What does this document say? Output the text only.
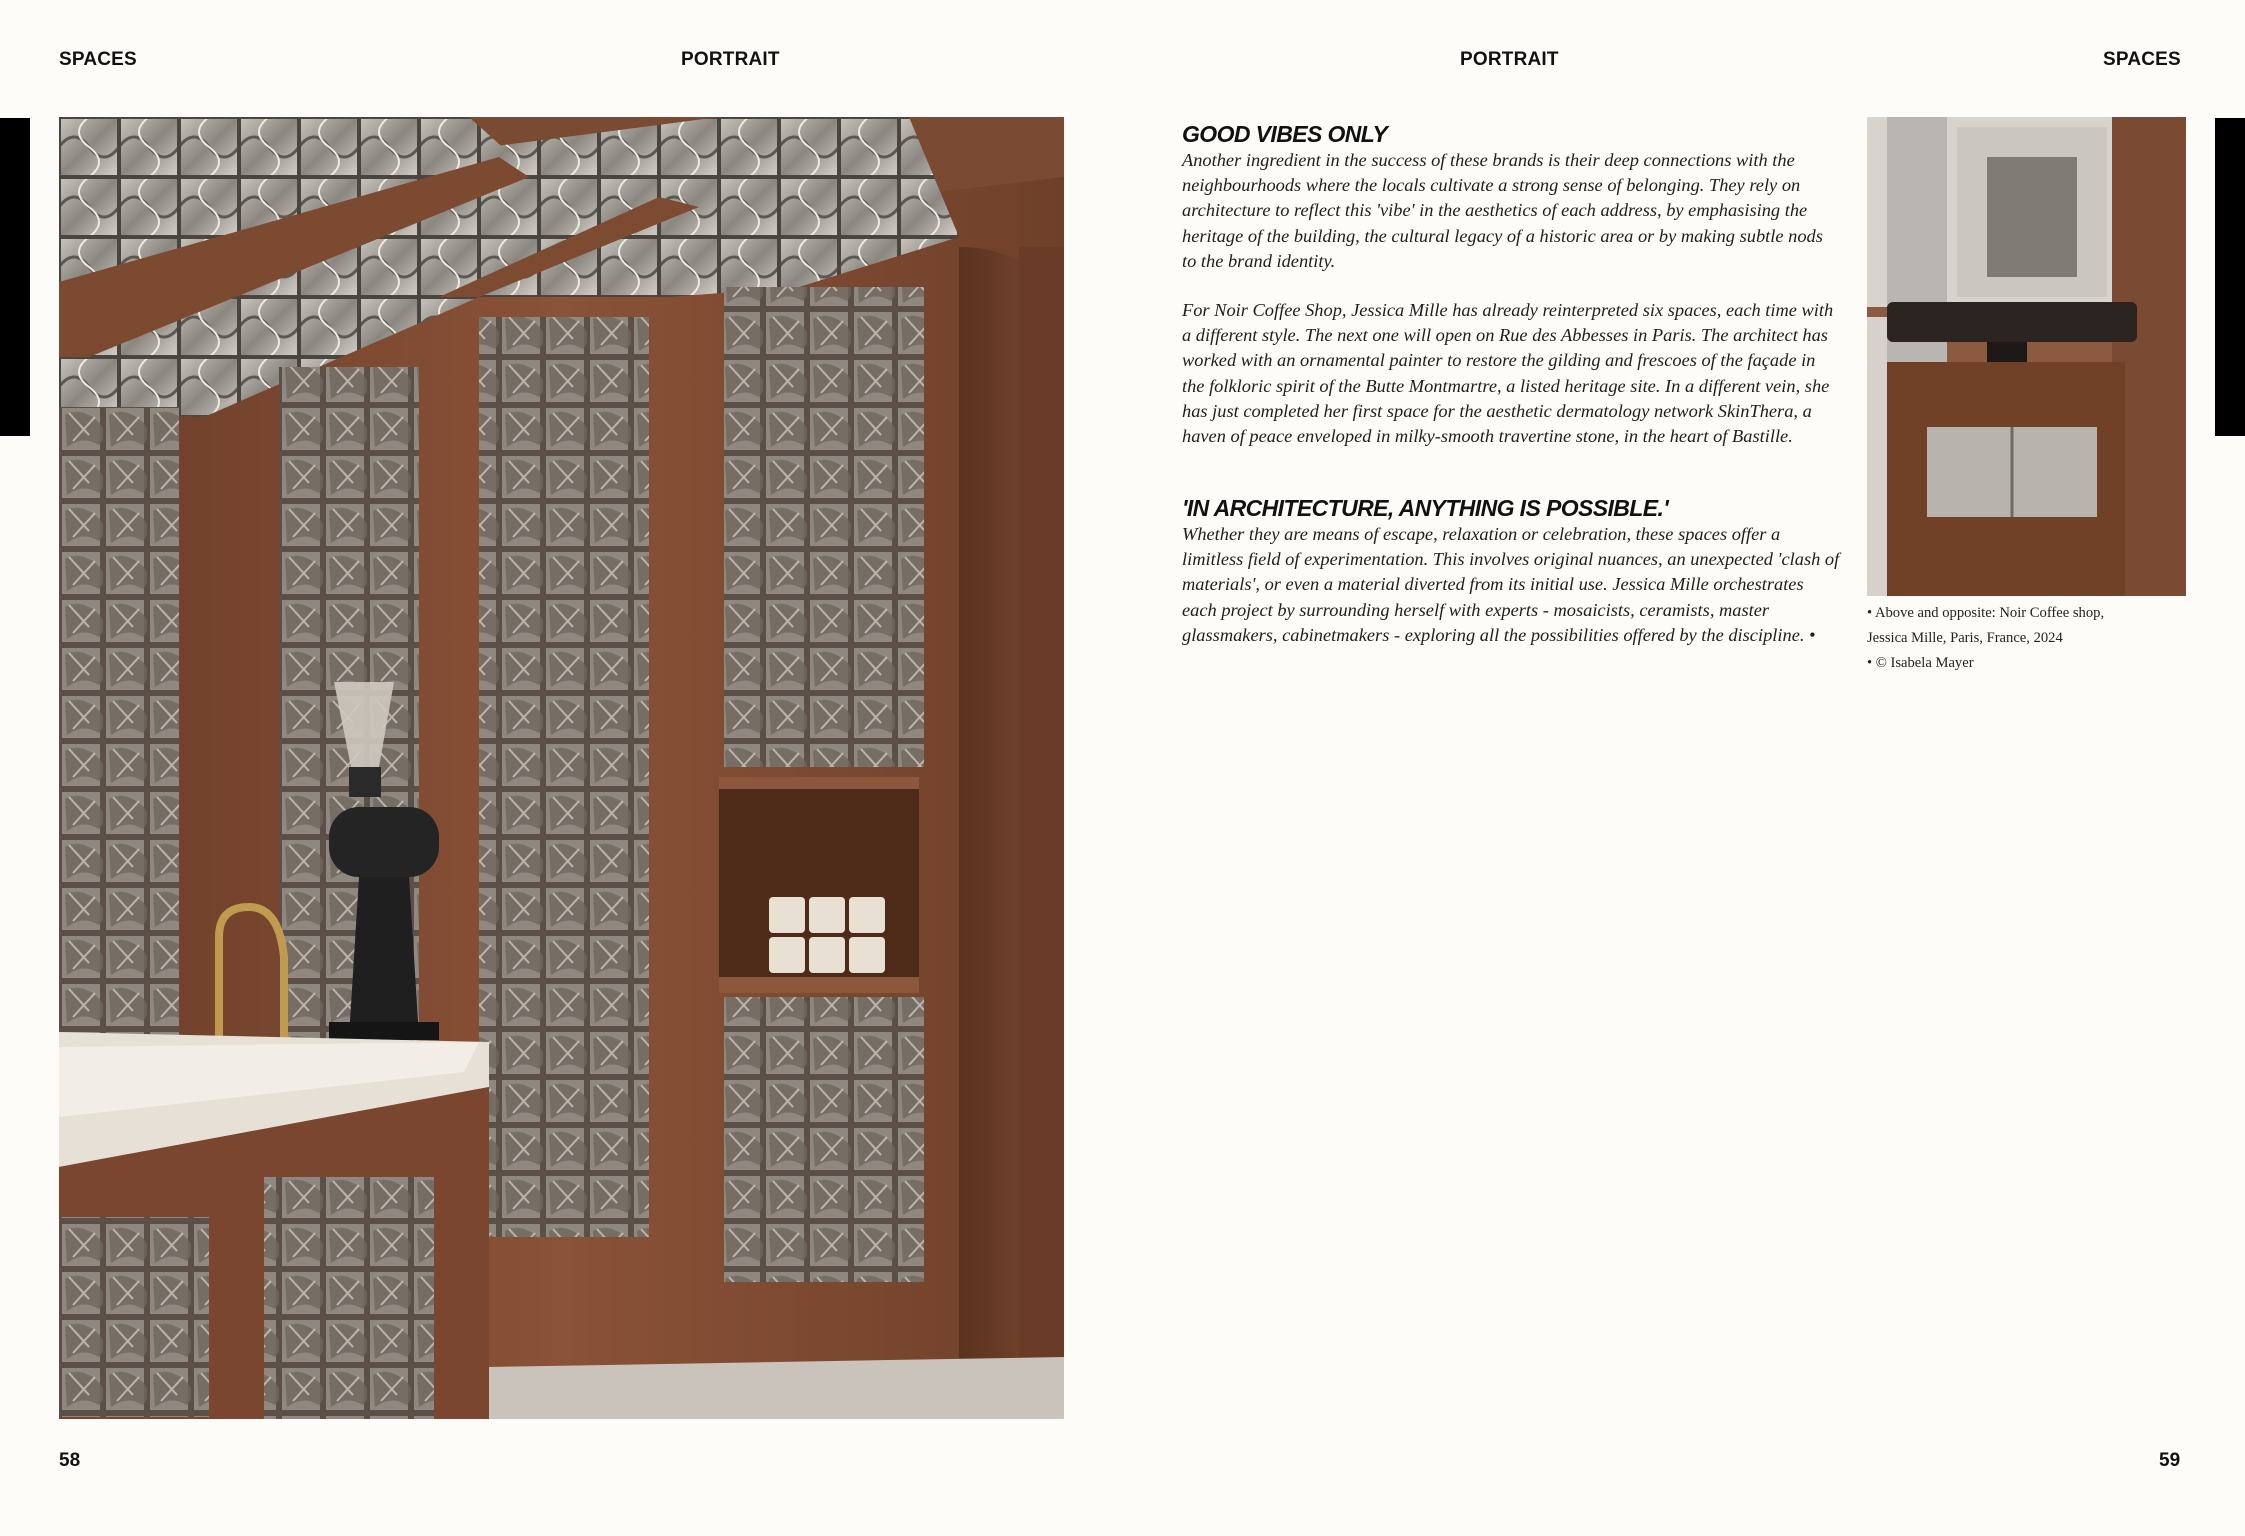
SPACES	PORTRAIT	PORTRAIT	SPACES
GOOD VIBES ONLY

Another ingredient in the success of these brands is their deep connections with the neighbourhoods where the locals cultivate a strong sense of belonging. They rely on architecture to reflect this 'vibe' in the aesthetics of each address, by emphasising the heritage of the building, the cultural legacy of a historic area or by making subtle nods to the brand identity.

For Noir Coffee Shop, Jessica Mille has already reinterpreted six spaces, each time with a different style. The next one will open on Rue des Abbesses in Paris. The architect has worked with an ornamental painter to restore the gilding and frescoes of the façade in the folkloric spirit of the Butte Montmartre, a listed heritage site. In a different vein, she has just completed her first space for the aesthetic dermatology network SkinThera, a haven of peace enveloped in milky-smooth travertine stone, in the heart of Bastille.

'IN ARCHITECTURE, ANYTHING IS POSSIBLE.'

Whether they are means of escape, relaxation or celebration, these spaces offer a limitless field of experimentation. This involves original nuances, an unexpected 'clash of materials', or even a material diverted from its initial use. Jessica Mille orchestrates each project by surrounding herself with experts - mosaicists, ceramists, master glassmakers, cabinetmakers - exploring all the possibilities offered by the discipline. •

• Above and opposite: Noir Coffee shop,
Jessica Mille, Paris, France, 2024
• © Isabela Mayer
58	59
